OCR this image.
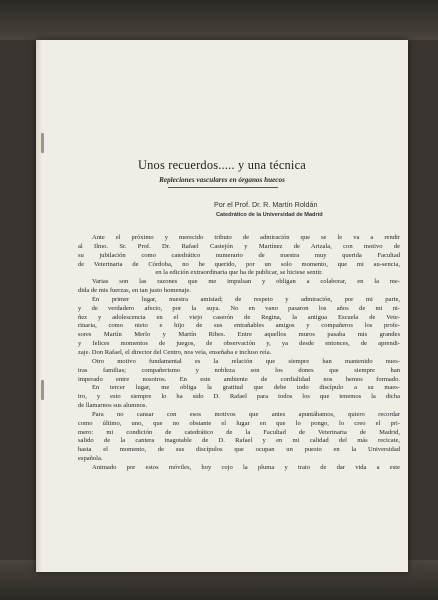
Unos recuerdos..... y una técnica
Repleciones vasculares en órganos huecos
Por el Prof. Dr. R. Martín Roldán
Catedrático de la Universidad de Madrid

Ante el próximo y merecido tributo de admiración que se le va a rendir

al Ilmo. Sr. Prof. Dr. Rafael Castejón y Martínez de Arizala, con motivo de

su jubilación como catedrático numerario de nuestra muy querida Facultad

de Veterinaria de Córdoba, no he querido, por un solo momento, que mi au-sencia,

en la edición extraordinaria que ha de publicar, se hiciese sentir.

Varias son las razones que me impulsan y obligan a colaborar, en la me-

dida de mis fuerzas, en tan justo homenaje.

En primer lugar, nuestra amistad; de respeto y admiración, por mi parte,

y de verdadero afecto, por la suya. No en vano pasaron los años de mi ni-

ñez y adolescencia en el viejo caserón de Regina, la antigua Escuela de Vete-

rinaria, como nieto e hijo de sus entrañables amigos y compañeros los profe-

sores Martín Merlo y Martín Ribes. Entre aquellos muros pasaba mis grandes

y felices momentos de juegos, de observación y, ya desde entonces, de aprendi-

zaje. Don Rafael, el director del Centro, nos veía, enseñaba e incluso reía.

Otro motivo fundamental es la relación que siempre han mantenido nues-

tras familias; compañerismo y nobleza son los dones que siempre han

imperado entre nosotros. En este ambiente de cordialidad nos hemos formado.

En tercer lugar, me obliga la gratitud que debe todo discípulo a su maes-

tro, y esto siempre lo ha sido D. Rafael para todos los que tenemos la dicha

de llamarnos sus alumnos.

Para no cansar con esos motivos que antes apuntábamos, quiero recordar

como último, uno, que no obstante el lugar en que lo pongo, lo creo el pri-

mero: mi condición de catedrático de la Facultad de Veterinaria de Madrid,

salido de la cantera inagotable de D. Rafael y en mi calidad del más recicate,

hasta el momento, de sus discípulos que ocupan un puesto en la Universidad

española.

Animado por estos móviles, hoy cojo la pluma y trato de dar vida a este
